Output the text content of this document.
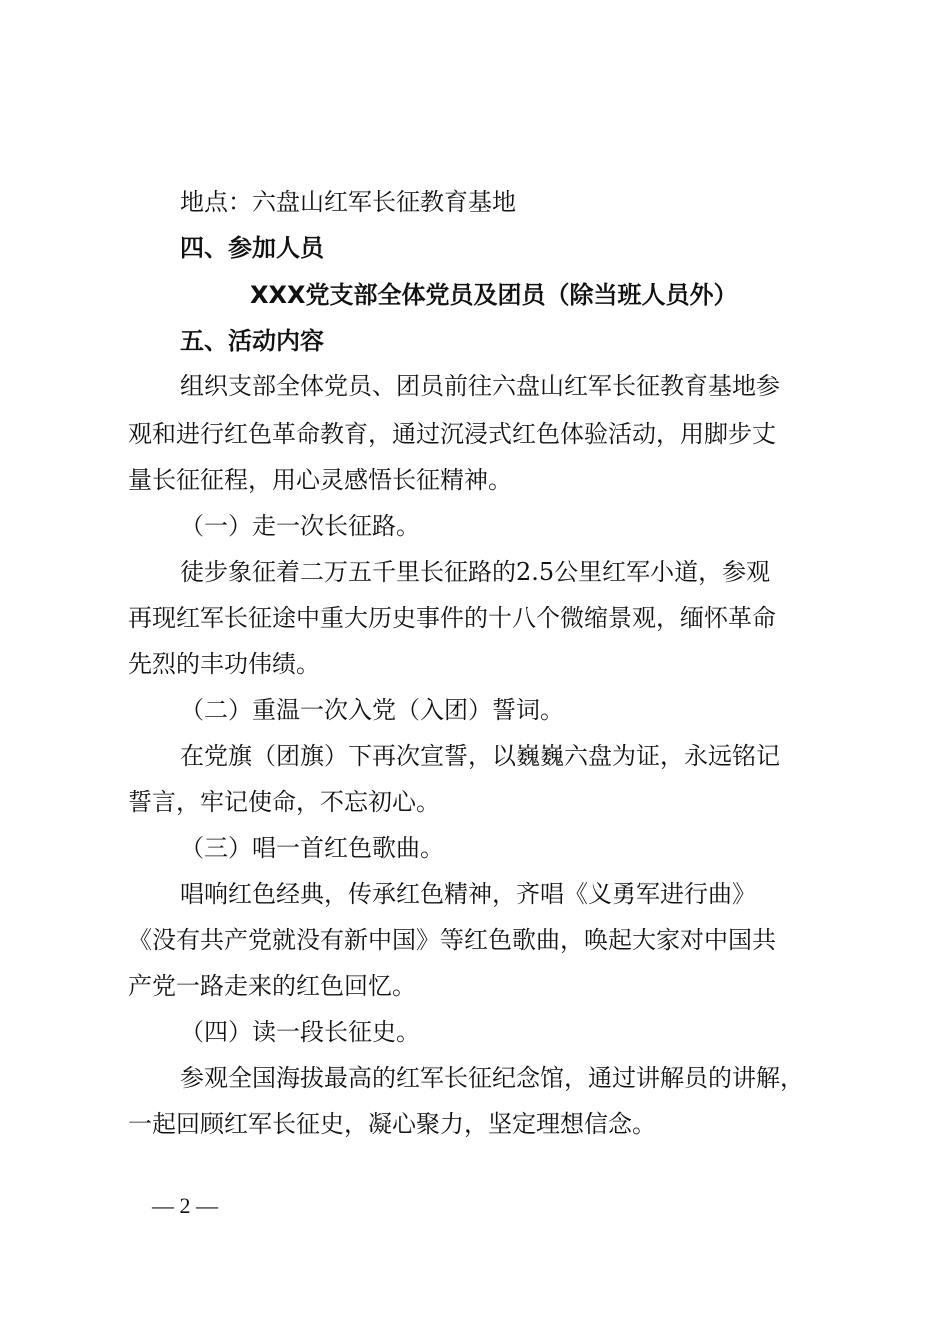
地点：六盘山红军长征教育基地
四、参加人员
XXX党支部全体党员及团员（除当班人员外）
五、活动内容
组织支部全体党员、团员前往六盘山红军长征教育基地参
观和进行红色革命教育，通过沉浸式红色体验活动，用脚步丈
量长征征程，用心灵感悟长征精神。
（一）走一次长征路。
徒步象征着二万五千里长征路的2.5公里红军小道，参观
再现红军长征途中重大历史事件的十八个微缩景观，缅怀革命
先烈的丰功伟绩。
（二）重温一次入党（入团）誓词。
在党旗（团旗）下再次宣誓，以巍巍六盘为证，永远铭记
誓言，牢记使命，不忘初心。
（三）唱一首红色歌曲。
唱响红色经典，传承红色精神，齐唱《义勇军进行曲》
《没有共产党就没有新中国》等红色歌曲，唤起大家对中国共
产党一路走来的红色回忆。
（四）读一段长征史。
参观全国海拔最高的红军长征纪念馆，通过讲解员的讲解，
一起回顾红军长征史，凝心聚力，坚定理想信念。
— 2 —
